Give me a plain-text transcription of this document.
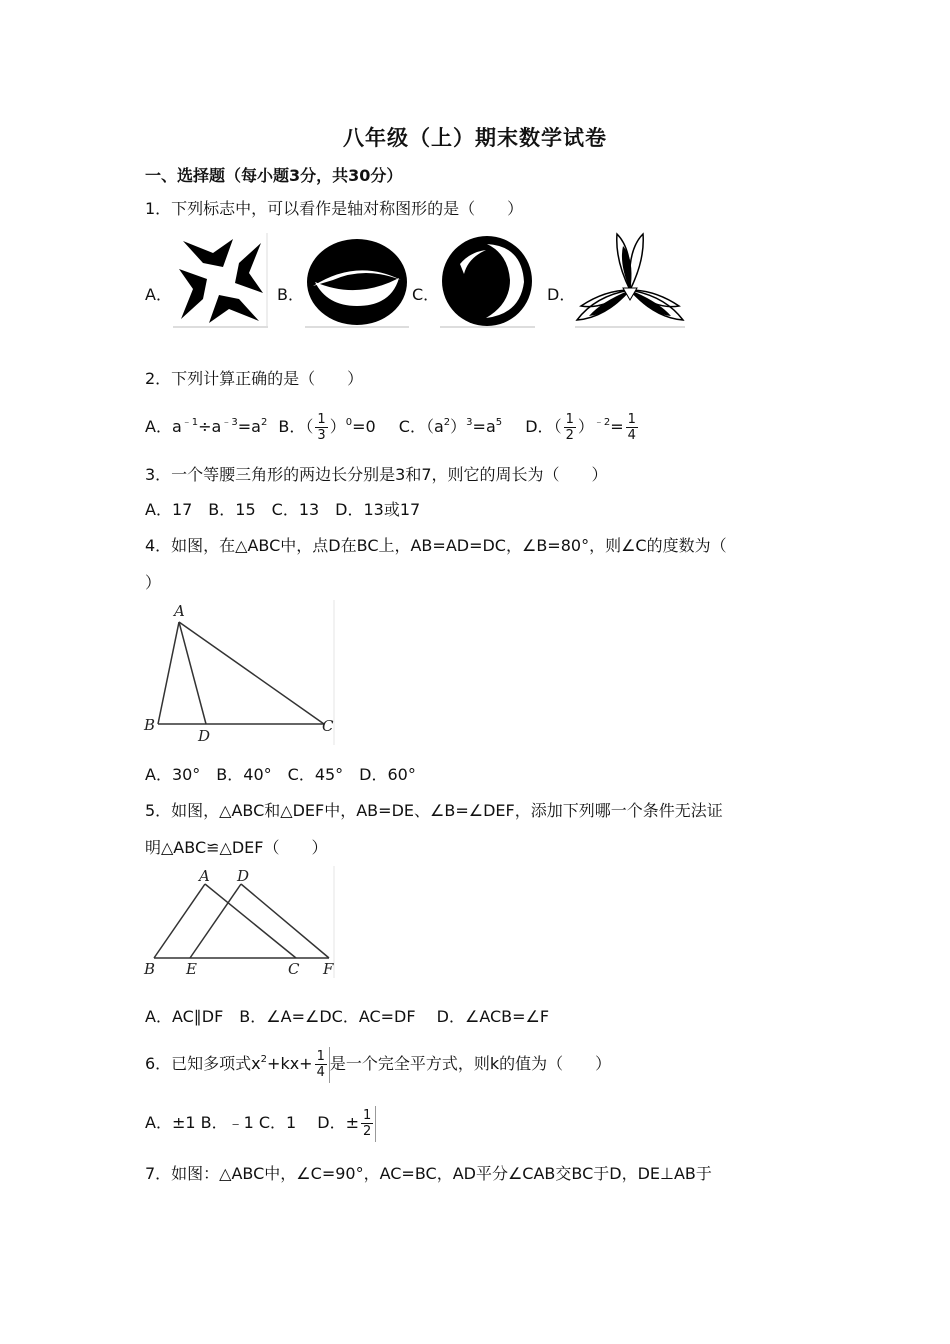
八年级（上）期末数学试卷
一、选择题（每小题3分，共30分）
1．下列标志中，可以看作是轴对称图形的是（　　）
A．	B．	C．	D．
2．下列计算正确的是（　　）
A．$a^{﹣1}\div a^{﹣3}=a^2$ B．（ $\frac{1}{3} )^0=0$ C．$(a^2)^3=a^5$ D．（ $\frac{1}{2} )^{﹣2}= \frac{1}{4}$
3．一个等腰三角形的两边长分别是3和7，则它的周长为（　　）
A．17　B．15　C．13　D．13或17
4．如图，在△ABC中，点D在BC上，AB=AD=DC，∠B=80°，则∠C的度数为（
）
A
B
D
C
A．30°　B．40°　C．45°　D．60°
5．如图，△ABC和△DEF中，AB=DE、∠B=∠DEF，添加下列哪一个条件无法证
明△ABC≌△DEF（　　）
A D
B E	C F
A．AC∥DF　B．∠A=∠DC．AC=DF　 D．∠ACB=∠F
6．已知多项式$x^2+kx+ \frac{1}{4}$ 是一个完全平方式，则k的值为（　　）
A．±1 B．﹣1 C．1　 D．± $\frac{1}{2}$
7．如图：△ABC中，∠C=90°，AC=BC，AD平分∠CAB交BC于D，DE⊥AB于
